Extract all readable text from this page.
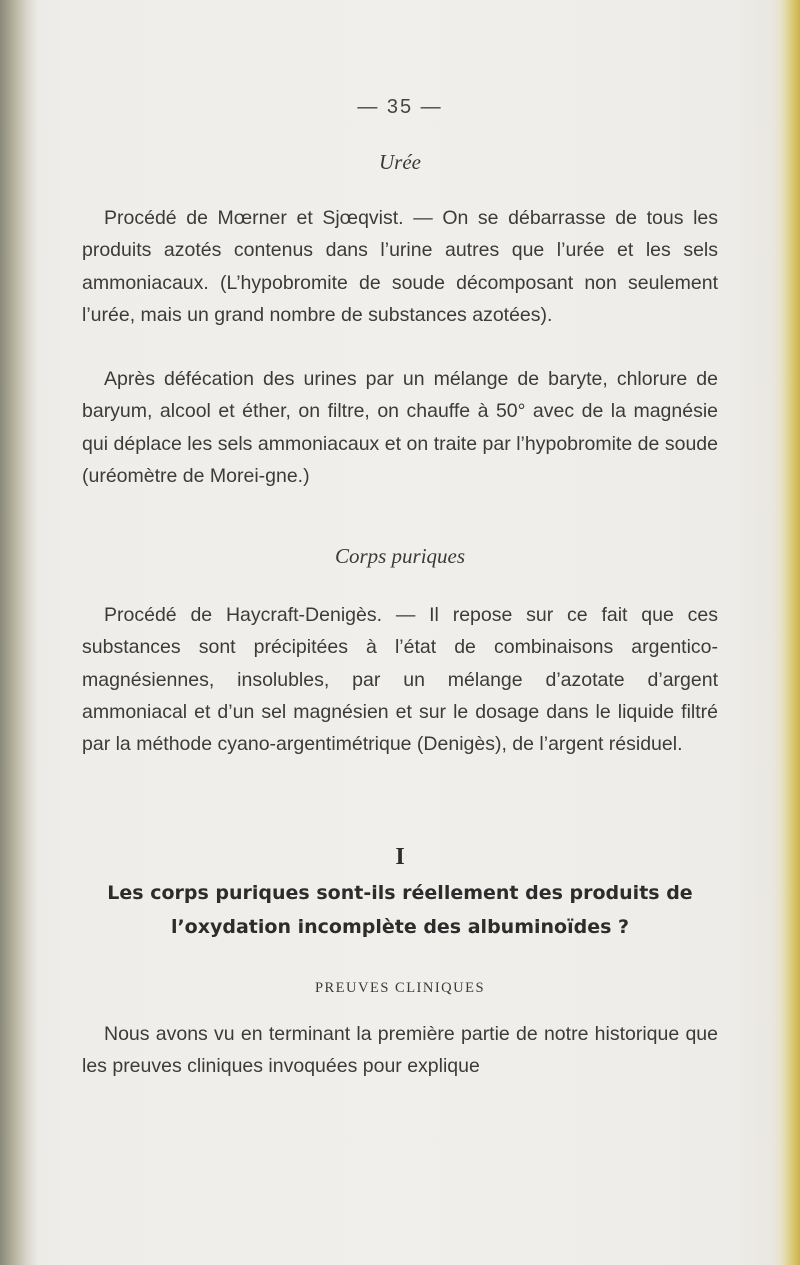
— 35 —
Urée

Procédé de Mœrner et Sjœqvist. — On se débarrasse de tous les produits azotés contenus dans l’urine autres que l’urée et les sels ammoniacaux. (L’hypobromite de soude décomposant non seulement l’urée, mais un grand nombre de substances azotées).

Après défécation des urines par un mélange de baryte, chlorure de baryum, alcool et éther, on filtre, on chauffe à 50° avec de la magnésie qui déplace les sels ammoniacaux et on traite par l’hypobromite de soude (uréomètre de Morei-gne.)

Corps puriques

Procédé de Haycraft-Denigès. — Il repose sur ce fait que ces substances sont précipitées à l’état de combinaisons argentico-magnésiennes, insolubles, par un mélange d’azotate d’argent ammoniacal et d’un sel magnésien et sur le dosage dans le liquide filtré par la méthode cyano-argentimétrique (Denigès), de l’argent résiduel.

I
Les corps puriques sont-ils réellement des produits de l’oxydation incomplète des albuminoïdes ?
PREUVES CLINIQUES

Nous avons vu en terminant la première partie de notre historique que les preuves cliniques invoquées pour explique
